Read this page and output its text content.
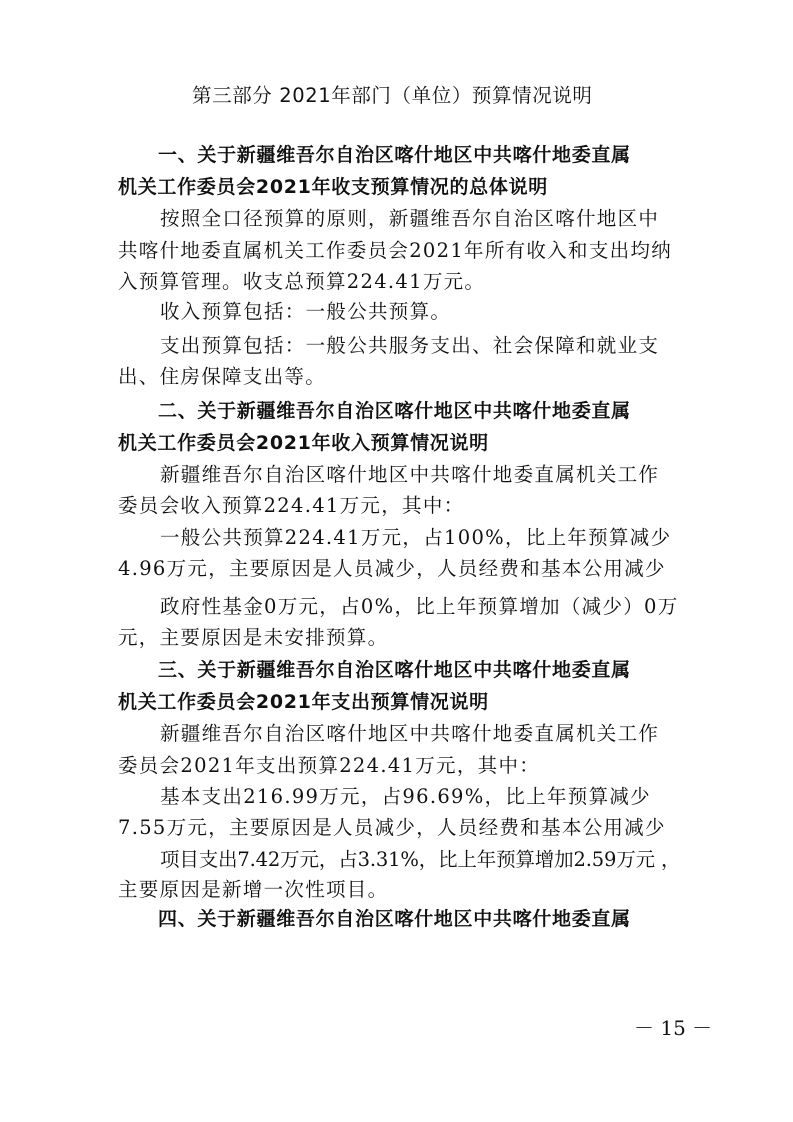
第三部分 2021年部门（单位）预算情况说明
一、关于新疆维吾尔自治区喀什地区中共喀什地委直属
机关工作委员会2021年收支预算情况的总体说明
按照全口径预算的原则，新疆维吾尔自治区喀什地区中
共喀什地委直属机关工作委员会2021年所有收入和支出均纳
入预算管理。收支总预算224.41万元。
收入预算包括：一般公共预算。
支出预算包括：一般公共服务支出、社会保障和就业支
出、住房保障支出等。
二、关于新疆维吾尔自治区喀什地区中共喀什地委直属
机关工作委员会2021年收入预算情况说明
新疆维吾尔自治区喀什地区中共喀什地委直属机关工作
委员会收入预算224.41万元，其中：
一般公共预算224.41万元，占100%，比上年预算减少
4.96万元，主要原因是人员减少，人员经费和基本公用减少
政府性基金0万元，占0%，比上年预算增加（减少）0万
元，主要原因是未安排预算。
三、关于新疆维吾尔自治区喀什地区中共喀什地委直属
机关工作委员会2021年支出预算情况说明
新疆维吾尔自治区喀什地区中共喀什地委直属机关工作
委员会2021年支出预算224.41万元，其中：
基本支出216.99万元，占96.69%，比上年预算减少
7.55万元，主要原因是人员减少，人员经费和基本公用减少
项目支出7.42万元，占3.31%，比上年预算增加2.59万元 ，
主要原因是新增一次性项目。
四、关于新疆维吾尔自治区喀什地区中共喀什地委直属
－ 15 －
